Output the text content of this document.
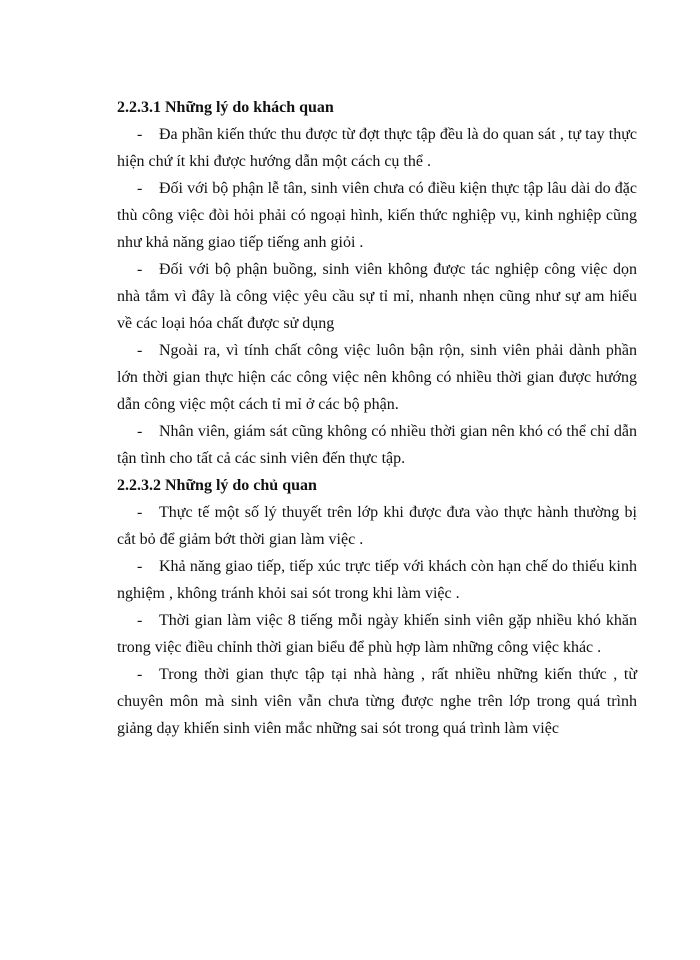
2.2.3.1 Những lý do khách quan

- Đa phần kiến thức thu được từ đợt thực tập đều là do quan sát , tự tay thực hiện chứ ít khi được hướng dẫn một cách cụ thể .

- Đối với bộ phận lễ tân, sinh viên chưa có điều kiện thực tập lâu dài do đặc thù công việc đòi hỏi phải có ngoại hình, kiến thức nghiệp vụ, kinh nghiệp cũng như khả năng giao tiếp tiếng anh giỏi .

- Đối với bộ phận buồng, sinh viên không được tác nghiệp công việc dọn nhà tắm vì đây là công việc yêu cầu sự tỉ mỉ, nhanh nhẹn cũng như sự am hiểu về các loại hóa chất được sử dụng

- Ngoài ra, vì tính chất công việc luôn bận rộn, sinh viên phải dành phần lớn thời gian thực hiện các công việc nên không có nhiều thời gian được hướng dẫn công việc một cách tỉ mỉ ở các bộ phận.

- Nhân viên, giám sát cũng không có nhiều thời gian nên khó có thể chỉ dẫn tận tình cho tất cả các sinh viên đến thực tập.

2.2.3.2 Những lý do chủ quan

- Thực tế một số lý thuyết trên lớp khi được đưa vào thực hành thường bị cắt bỏ để giảm bớt thời gian làm việc .

- Khả năng giao tiếp, tiếp xúc trực tiếp với khách còn hạn chế do thiếu kinh nghiệm , không tránh khỏi sai sót trong khi làm việc .

- Thời gian làm việc 8 tiếng mỗi ngày khiến sinh viên gặp nhiều khó khăn trong việc điều chỉnh thời gian biểu để phù hợp làm những công việc khác .

- Trong thời gian thực tập tại nhà hàng , rất nhiều những kiến thức , từ chuyên môn mà sinh viên vẫn chưa từng được nghe trên lớp trong quá trình giảng dạy khiến sinh viên mắc những sai sót trong quá trình làm việc
